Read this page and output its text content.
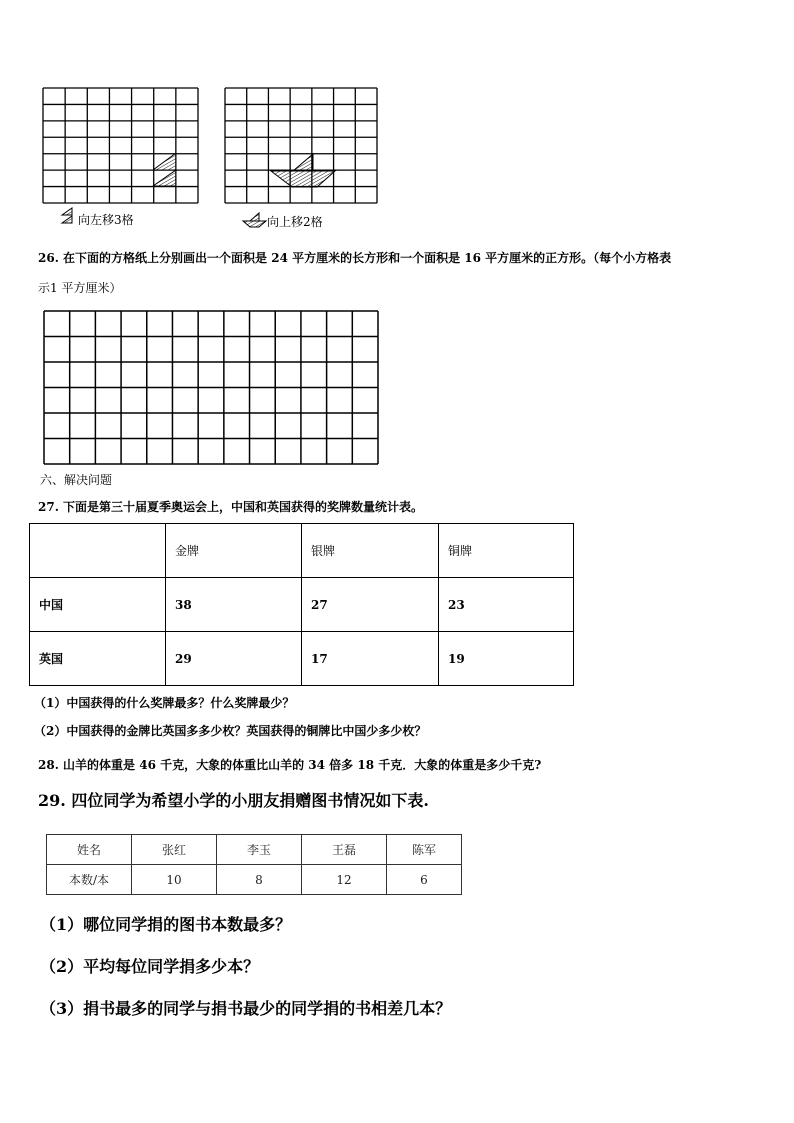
向左移3格	向上移2格
26. 在下面的方格纸上分别画出一个面积是 24 平方厘米的长方形和一个面积是 16 平方厘米的正方形。（每个小方格表
示1 平方厘米）
六、解决问题
27. 下面是第三十届夏季奥运会上，中国和英国获得的奖牌数量统计表。
	金牌	银牌	铜牌
中国	38	27	23
英国	29	17	19
（1）中国获得的什么奖牌最多？什么奖牌最少？
（2）中国获得的金牌比英国多多少枚？英国获得的铜牌比中国少多少枚？
28. 山羊的体重是 46 千克，大象的体重比山羊的 34 倍多 18 千克．大象的体重是多少千克?
29. 四位同学为希望小学的小朋友捐赠图书情况如下表.
姓名	张红	李玉	王磊	陈军
本数/本	10	8	12	6
（1）哪位同学捐的图书本数最多？
（2）平均每位同学捐多少本？
（3）捐书最多的同学与捐书最少的同学捐的书相差几本？
